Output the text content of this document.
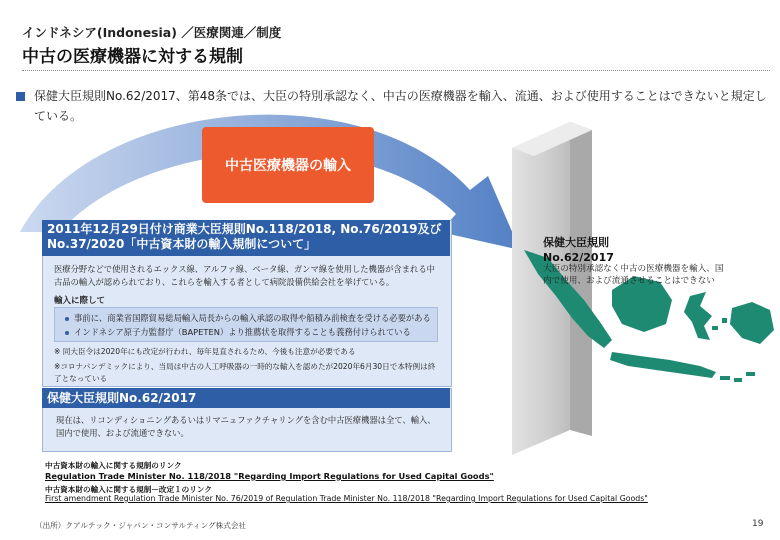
インドネシア(Indonesia) ／医療関連／制度
中古の医療機器に対する規制
保健大臣規則No.62/2017、第48条では、大臣の特別承認なく、中古の医療機器を輸入、流通、および使用することはできないと規定している。
中古医療機器の輸入
保健大臣規則
No.62/2017
大臣の特別承認なく中古の医療機器を輸入、国内で使用、および流通させることはできない
2011年12月29日付け商業大臣規則No.118/2018, No.76/2019及びNo.37/2020「中古資本財の輸入規制について」
医療分野などで使用されるエックス線、アルファ線、ベータ線、ガンマ線を使用した機器が含まれる中古品の輸入が認められており、これらを輸入する者として病院設備供給会社を挙げている。
輸入に際して
事前に、商業省国際貿易総局輸入局長からの輸入承認の取得や船積み前検査を受ける必要がある
インドネシア原子力監督庁（BAPETEN）より推薦状を取得することも義務付けられている
※ 同大臣令は2020年にも改定が行われ、毎年見直されるため、今後も注意が必要である
※コロナパンデミックにより、当局は中古の人工呼吸器の一時的な輸入を認めたが2020年6月30日で本特例は終了となっている
保健大臣規則No.62/2017
現在は、リコンディショニングあるいはリマニュファクチャリングを含む中古医療機器は全て、輸入、国内で使用、および流通できない。
中古資本財の輸入に関する規制のリンク
Regulation Trade Minister No. 118/2018 "Regarding Import Regulations for Used Capital Goods"
中古資本財の輸入に関する規制－改定１のリンク
First amendment Regulation Trade Minister No. 76/2019 of Regulation Trade Minister No. 118/2018 "Regarding Import Regulations for Used Capital Goods"
（出所）クアルテック・ジャパン・コンサルティング株式会社	19
